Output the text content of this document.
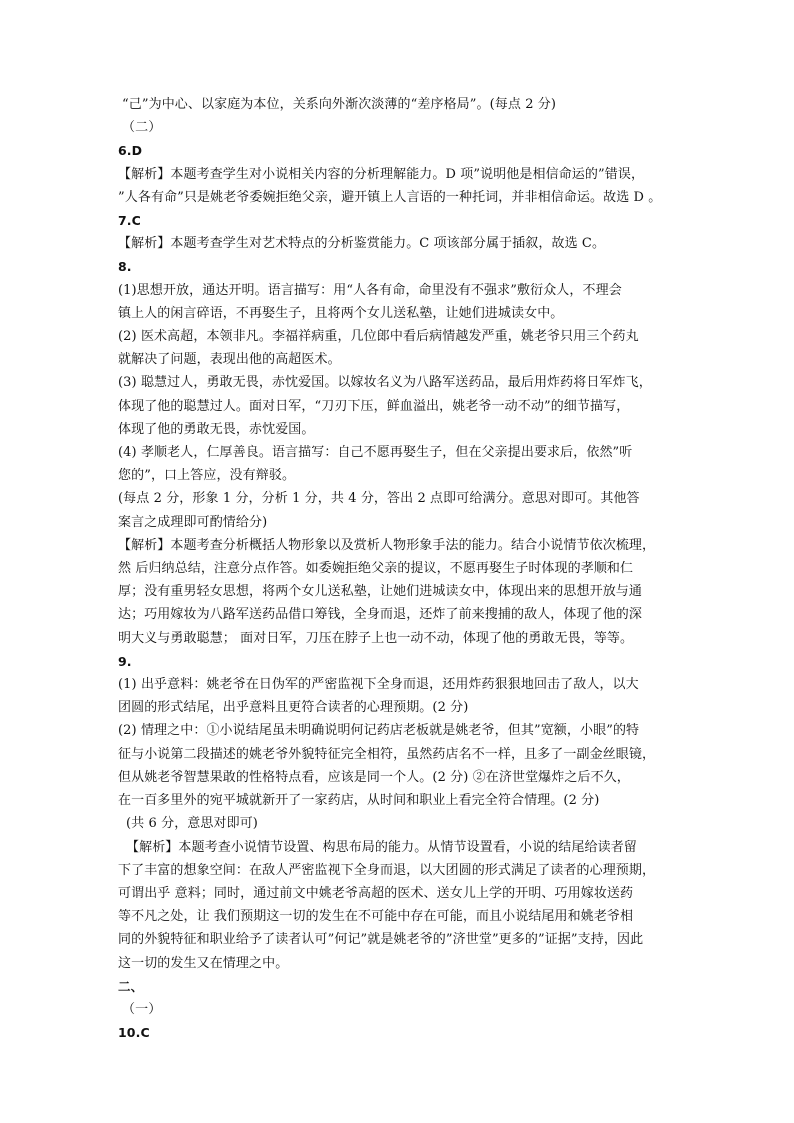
“己”为中心、以家庭为本位，关系向外渐次淡薄的“差序格局”。(每点 2 分)

（二）

6.D

【解析】本题考查学生对小说相关内容的分析理解能力。D 项”说明他是相信命运的”错误，

”人各有命”只是姚老爷委婉拒绝父亲，避开镇上人言语的一种托词，并非相信命运。故选 D 。

7.C

【解析】本题考查学生对艺术特点的分析鉴赏能力。C 项该部分属于插叙，故选 C。

8.

(1)思想开放，通达开明。语言描写：用“人各有命，命里没有不强求”敷衍众人，不理会

镇上人的闲言碎语，不再娶生子，且将两个女儿送私塾，让她们进城读女中。

(2) 医术高超，本领非凡。李福祥病重，几位郎中看后病情越发严重，姚老爷只用三个药丸

就解决了问题，表现出他的高超医术。

(3) 聪慧过人，勇敢无畏，赤忱爱国。以嫁妆名义为八路军送药品，最后用炸药将日军炸飞，

体现了他的聪慧过人。面对日军，“刀刃下压，鲜血溢出，姚老爷一动不动”的细节描写，

体现了他的勇敢无畏，赤忱爱国。

(4) 孝顺老人，仁厚善良。语言描写：自己不愿再娶生子，但在父亲提出要求后，依然”听

您的”，口上答应，没有辩驳。

(每点 2 分，形象 1 分，分析 1 分，共 4 分，答出 2 点即可给满分。意思对即可。其他答

案言之成理即可酌情给分)

【解析】本题考查分析概括人物形象以及赏析人物形象手法的能力。结合小说情节依次梳理，

然 后归纳总结，注意分点作答。如委婉拒绝父亲的提议，不愿再娶生子时体现的孝顺和仁

厚；没有重男轻女思想，将两个女儿送私塾，让她们进城读女中，体现出来的思想开放与通

达；巧用嫁妆为八路军送药品借口筹钱，全身而退，还炸了前来搜捕的敌人，体现了他的深

明大义与勇敢聪慧； 面对日军，刀压在脖子上也一动不动，体现了他的勇敢无畏，等等。

9.

(1) 出乎意料：姚老爷在日伪军的严密监视下全身而退，还用炸药狠狠地回击了敌人，以大

团圆的形式结尾，出乎意料且更符合读者的心理预期。(2 分)

(2) 情理之中：①小说结尾虽未明确说明何记药店老板就是姚老爷，但其”宽额，小眼”的特

征与小说第二段描述的姚老爷外貌特征完全相符，虽然药店名不一样，且多了一副金丝眼镜，

但从姚老爷智慧果敢的性格特点看，应该是同一个人。(2 分) ②在济世堂爆炸之后不久，

在一百多里外的宛平城就新开了一家药店，从时间和职业上看完全符合情理。(2 分)

(共 6 分，意思对即可)

【解析】本题考查小说情节设置、构思布局的能力。从情节设置看，小说的结尾给读者留

下了丰富的想象空间：在敌人严密监视下全身而退，以大团圆的形式满足了读者的心理预期，

可谓出乎 意料；同时，通过前文中姚老爷高超的医术、送女儿上学的开明、巧用嫁妆送药

等不凡之处，让 我们预期这一切的发生在不可能中存在可能，而且小说结尾用和姚老爷相

同的外貌特征和职业给予了读者认可”何记”就是姚老爷的”济世堂”更多的”证据”支持，因此

这一切的发生又在情理之中。

二、

（一）

10.C
